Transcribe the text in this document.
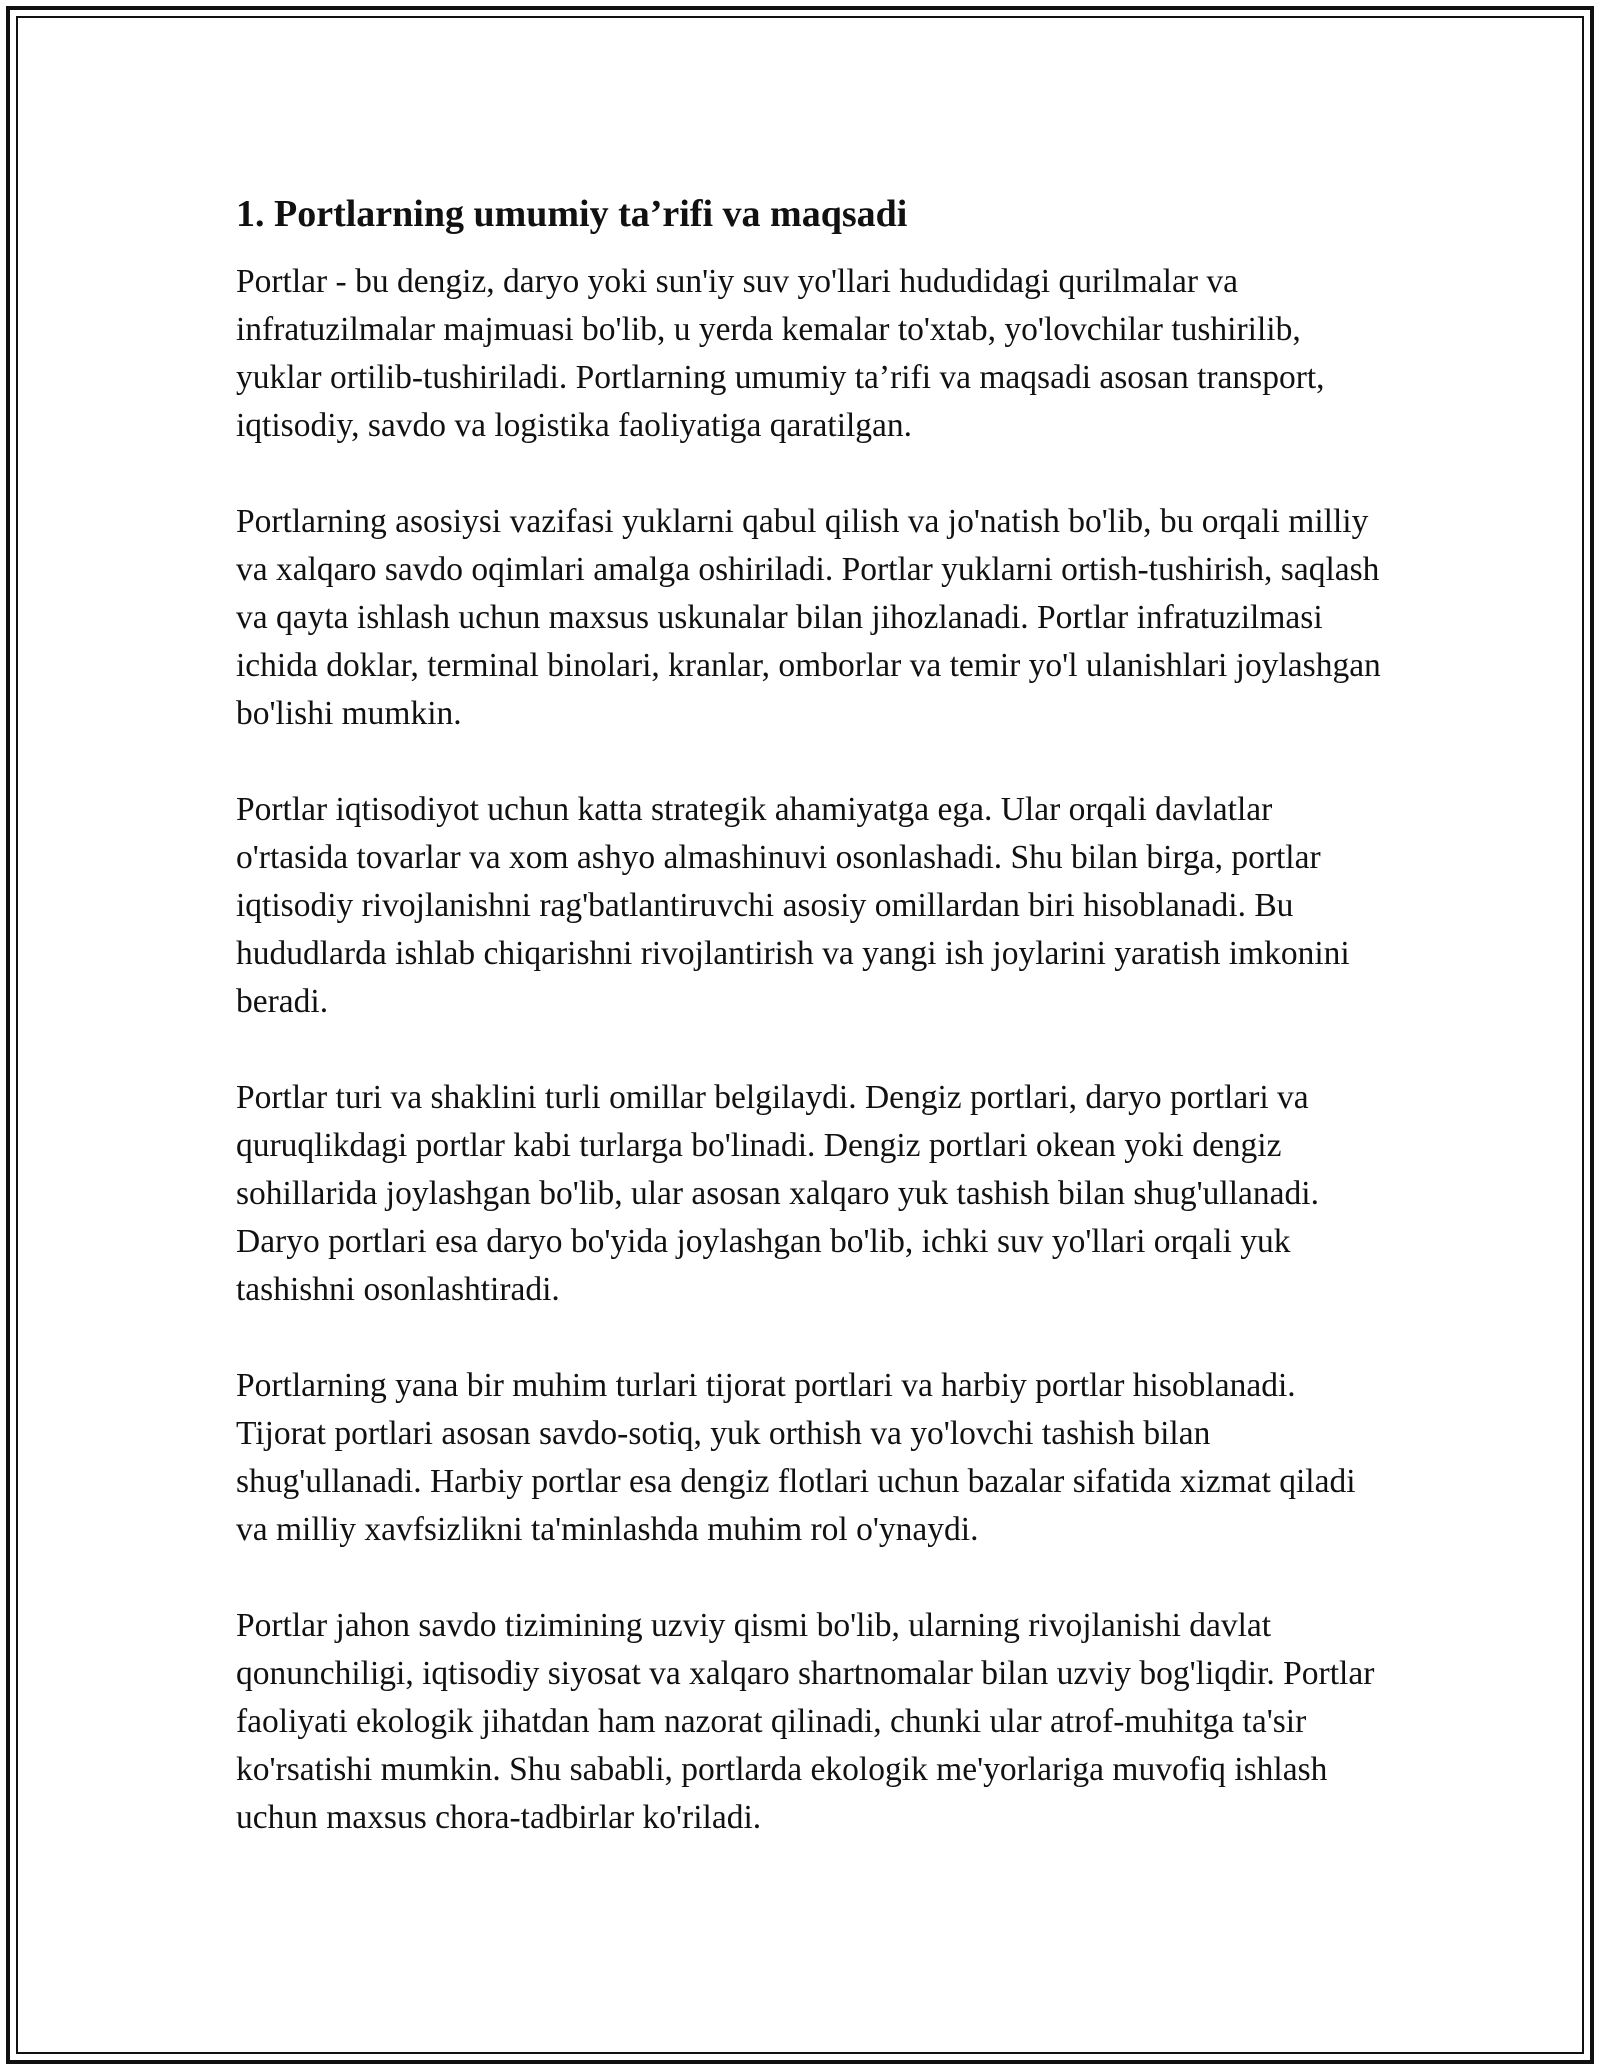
1. Portlarning umumiy ta’rifi va maqsadi

Portlar - bu dengiz, daryo yoki sun'iy suv yo'llari hududidagi qurilmalar va infratuzilmalar majmuasi bo'lib, u yerda kemalar to'xtab, yo'lovchilar tushirilib, yuklar ortilib-tushiriladi. Portlarning umumiy ta’rifi va maqsadi asosan transport, iqtisodiy, savdo va logistika faoliyatiga qaratilgan.

Portlarning asosiysi vazifasi yuklarni qabul qilish va jo'natish bo'lib, bu orqali milliy va xalqaro savdo oqimlari amalga oshiriladi. Portlar yuklarni ortish-tushirish, saqlash va qayta ishlash uchun maxsus uskunalar bilan jihozlanadi. Portlar infratuzilmasi ichida doklar, terminal binolari, kranlar, omborlar va temir yo'l ulanishlari joylashgan bo'lishi mumkin.

Portlar iqtisodiyot uchun katta strategik ahamiyatga ega. Ular orqali davlatlar o'rtasida tovarlar va xom ashyo almashinuvi osonlashadi. Shu bilan birga, portlar iqtisodiy rivojlanishni rag'batlantiruvchi asosiy omillardan biri hisoblanadi. Bu hududlarda ishlab chiqarishni rivojlantirish va yangi ish joylarini yaratish imkonini beradi.

Portlar turi va shaklini turli omillar belgilaydi. Dengiz portlari, daryo portlari va quruqlikdagi portlar kabi turlarga bo'linadi. Dengiz portlari okean yoki dengiz sohillarida joylashgan bo'lib, ular asosan xalqaro yuk tashish bilan shug'ullanadi. Daryo portlari esa daryo bo'yida joylashgan bo'lib, ichki suv yo'llari orqali yuk tashishni osonlashtiradi.

Portlarning yana bir muhim turlari tijorat portlari va harbiy portlar hisoblanadi. Tijorat portlari asosan savdo-sotiq, yuk orthish va yo'lovchi tashish bilan shug'ullanadi. Harbiy portlar esa dengiz flotlari uchun bazalar sifatida xizmat qiladi va milliy xavfsizlikni ta'minlashda muhim rol o'ynaydi.

Portlar jahon savdo tizimining uzviy qismi bo'lib, ularning rivojlanishi davlat qonunchiligi, iqtisodiy siyosat va xalqaro shartnomalar bilan uzviy bog'liqdir. Portlar faoliyati ekologik jihatdan ham nazorat qilinadi, chunki ular atrof-muhitga ta'sir ko'rsatishi mumkin. Shu sababli, portlarda ekologik me'yorlariga muvofiq ishlash uchun maxsus chora-tadbirlar ko'riladi.
